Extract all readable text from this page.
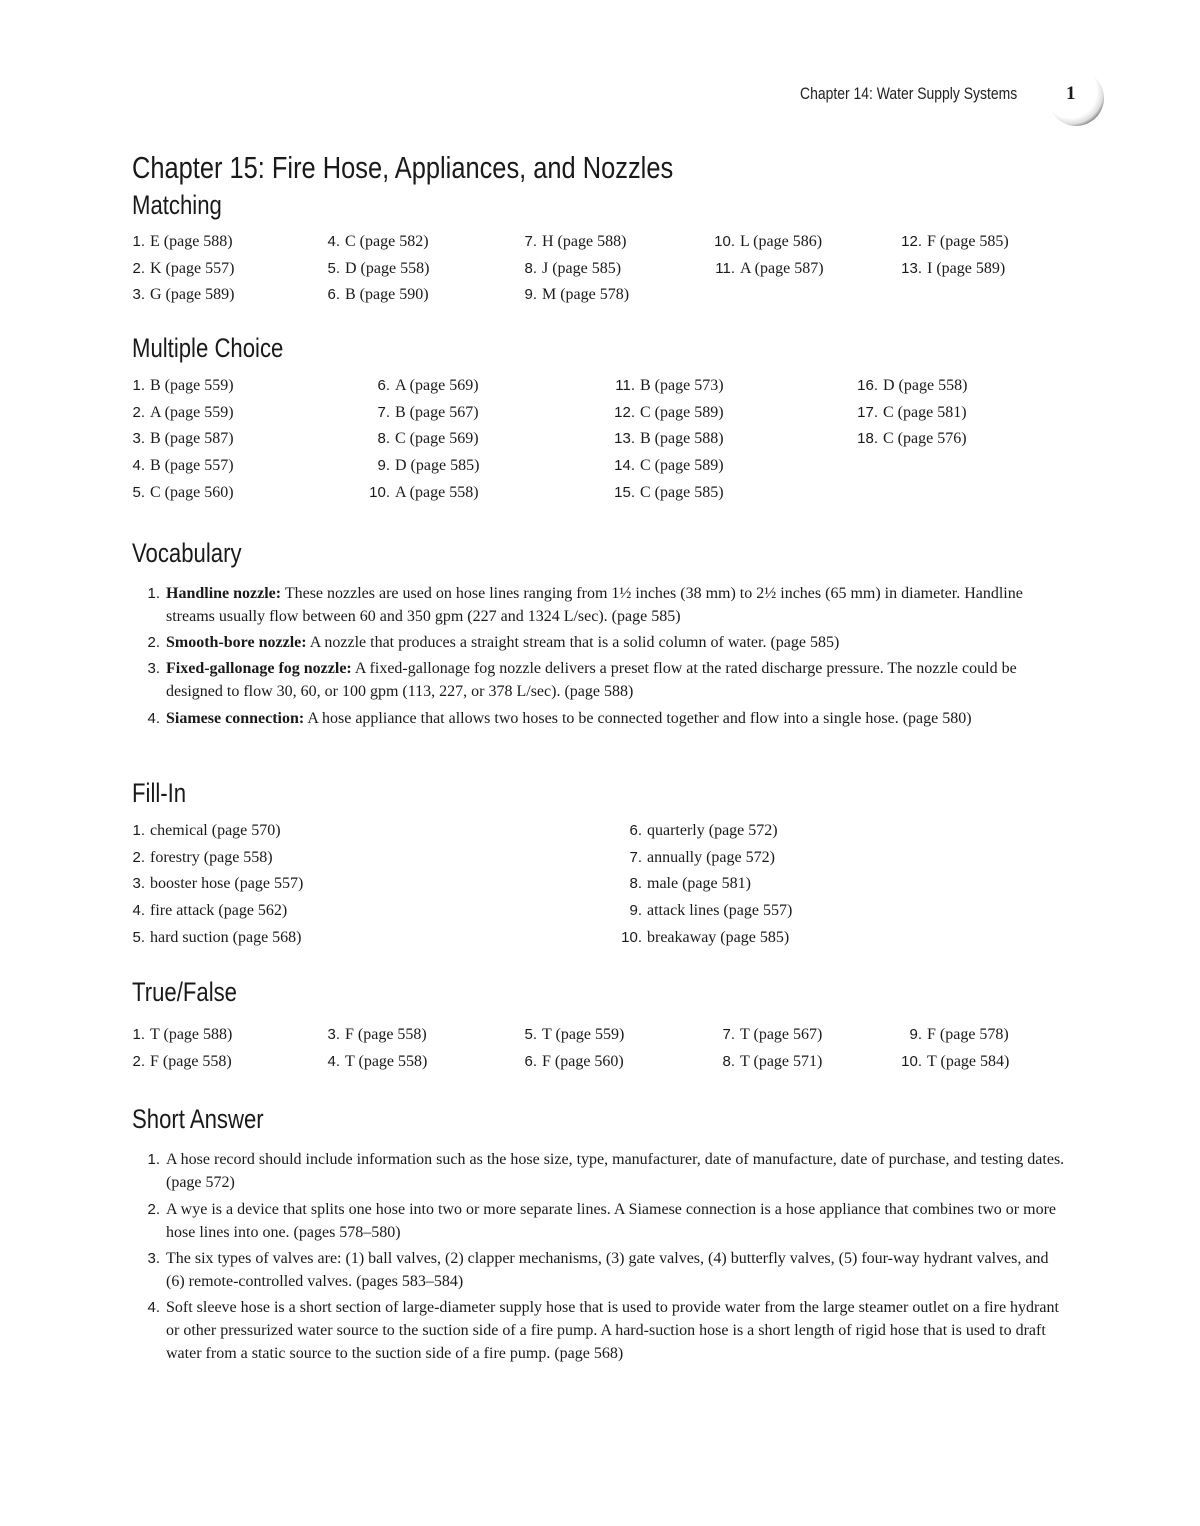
Chapter 14: Water Supply Systems	1
Chapter 15: Fire Hose, Appliances, and Nozzles
Matching
1. E (page 588)
2. K (page 557)
3. G (page 589)
4. C (page 582)
5. D (page 558)
6. B (page 590)
7. H (page 588)
8. J (page 585)
9. M (page 578)
10. L (page 586)
11. A (page 587)
12. F (page 585)
13. I (page 589)
Multiple Choice
1. B (page 559)
2. A (page 559)
3. B (page 587)
4. B (page 557)
5. C (page 560)
6. A (page 569)
7. B (page 567)
8. C (page 569)
9. D (page 585)
10. A (page 558)
11. B (page 573)
12. C (page 589)
13. B (page 588)
14. C (page 589)
15. C (page 585)
16. D (page 558)
17. C (page 581)
18. C (page 576)
Vocabulary
1. Handline nozzle: These nozzles are used on hose lines ranging from 1½ inches (38 mm) to 2½ inches (65 mm) in diameter. Handline streams usually flow between 60 and 350 gpm (227 and 1324 L/sec). (page 585)
2. Smooth-bore nozzle: A nozzle that produces a straight stream that is a solid column of water. (page 585)
3. Fixed-gallonage fog nozzle: A fixed-gallonage fog nozzle delivers a preset flow at the rated discharge pressure. The nozzle could be designed to flow 30, 60, or 100 gpm (113, 227, or 378 L/sec). (page 588)
4. Siamese connection: A hose appliance that allows two hoses to be connected together and flow into a single hose. (page 580)
Fill-In
1. chemical (page 570)
2. forestry (page 558)
3. booster hose (page 557)
4. fire attack (page 562)
5. hard suction (page 568)
6. quarterly (page 572)
7. annually (page 572)
8. male (page 581)
9. attack lines (page 557)
10. breakaway (page 585)
True/False
1. T (page 588)
2. F (page 558)
3. F (page 558)
4. T (page 558)
5. T (page 559)
6. F (page 560)
7. T (page 567)
8. T (page 571)
9. F (page 578)
10. T (page 584)
Short Answer
1. A hose record should include information such as the hose size, type, manufacturer, date of manufacture, date of purchase, and testing dates. (page 572)
2. A wye is a device that splits one hose into two or more separate lines. A Siamese connection is a hose appliance that combines two or more hose lines into one. (pages 578–580)
3. The six types of valves are: (1) ball valves, (2) clapper mechanisms, (3) gate valves, (4) butterfly valves, (5) four-way hydrant valves, and (6) remote-controlled valves. (pages 583–584)
4. Soft sleeve hose is a short section of large-diameter supply hose that is used to provide water from the large steamer outlet on a fire hydrant or other pressurized water source to the suction side of a fire pump. A hard-suction hose is a short length of rigid hose that is used to draft water from a static source to the suction side of a fire pump. (page 568)
